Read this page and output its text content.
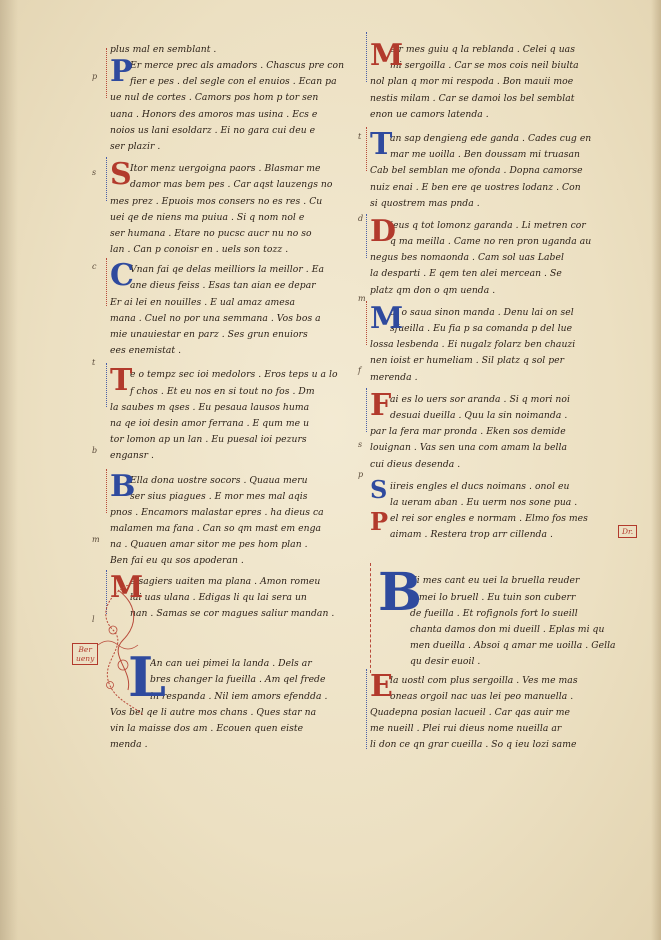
plus mal en semblant .
P
Er merce prec als amadors . Chascus pre con
fier e pes . del segle con el enuios . Ecan pa
ue nul de cortes . Camors pos hom p tor sen
uana . Honors des amoros mas usina . Ecs e
noios us lani esoldarz . Ei no gara cui deu e
ser plazir .
S
Itor menz uergoigna paors . Blasmar me
damor mas bem pes . Car aqst lauzengs no
mes prez . Epuois mos consers no es res . Cu
uei qe de niens ma puiua . Si q nom nol e
ser humana . Etare no pucsc aucr nu no so
lan . Can p conoisr en . uels son tozz .
C
Vnan fai qe delas meilliors la meillor . Ea
ane dieus feiss . Esas tan aian ee depar
Er ai lei en nouilles . E ual amaz amesa
mana . Cuel no por una semmana . Vos bos a
mie unauiestar en parz . Ses grun enuiors
ees enemistat .
T
e o tempz sec ioi medolors . Eros teps u a lo
f chos . Et eu nos en si tout no fos . Dm
la saubes m qses . Eu pesaua lausos huma
na qe ioi desin amor ferrana . E qum me u
tor lomon ap un lan . Eu puesal ioi pezurs
engansr .
B
Ella dona uostre socors . Quaua meru
ser sius piagues . E mor mes mal aqis
pnos . Encamors malastar epres . ha dieus ca
malamen ma fana . Can so qm mast em enga
na . Quauen amar sitor me pes hom plan .
Ben fai eu qu sos apoderan .
M
elsagiers uaiten ma plana . Amon romeu
lai uas ulana . Edigas li qu lai sera un
nan . Samas se cor magues saliur mandan .
L
An can uei pimei la landa . Dels ar
bres changer la fueilla . Am qel frede
in respanda . Nil iem amors efendda .
Vos bel qe li autre mos chans . Ques star na
vin la maisse dos am . Ecouen quen eiste
menda .
M
eir mes guiu q la reblanda . Celei q uas
mi sergoilla . Car se mos cois neil biulta
nol plan q mor mi respoda . Bon mauii moe
nestis milam . Car se damoi los bel semblat
enon ue camors latenda .
T
an sap dengieng ede ganda . Cades cug en
mar me uoilla . Ben doussam mi truasan
Cab bel semblan me ofonda . Dopna camorse
nuiz enai . E ben ere qe uostres lodanz . Con
si quostrem mas pnda .
D
ieus q tot lomonz garanda . Li metren cor
q ma meilla . Came no ren pron uganda au
negus bes nomaonda . Cam sol uas Label
la desparti . E qem ten alei mercean . Se
platz qm don o qm uenda .
M
al o saua sinon manda . Denu lai on sel
sfueilla . Eu fia p sa comanda p del lue
lossa lesbenda . Ei nugalz folarz ben chauzi
nen ioist er humeliam . Sil platz q sol per
merenda .
F
ai es lo uers sor aranda . Si q mori noi
desuai dueilla . Quu la sin noimanda .
par la fera mar pronda . Eken sos demide
louignan . Vas sen una com amam la bella
cui dieus desenda .
S iireis engles el ducs noimans . onol eu
la ueram aban . Eu uerm nos sone pua .
P el rei sor engles e normam . Elmo fos mes
aimam . Restera trop arr cillenda .
B
Ei mes cant eu uei la bruella reuder
p mei lo bruell . Eu tuin son cuberr
de fueilla . Et rofignols fort lo sueill
chanta damos don mi dueill . Eplas mi qu
men dueilla . Absoi q amar me uoilla . Gella
qu desir euoil .
E
la uostl com plus sergoilla . Ves me mas
oneas orgoil nac uas lei peo manuella .
Quadepna posian lacueil . Car qas auir me
me nueill . Plei rui dieus nome nueilla ar
li don ce qn grar cueilla . So q ieu lozi same
p
s
c
t
b
m
l
t
d
m
f
s
p
Dr.
Ber
ueny
